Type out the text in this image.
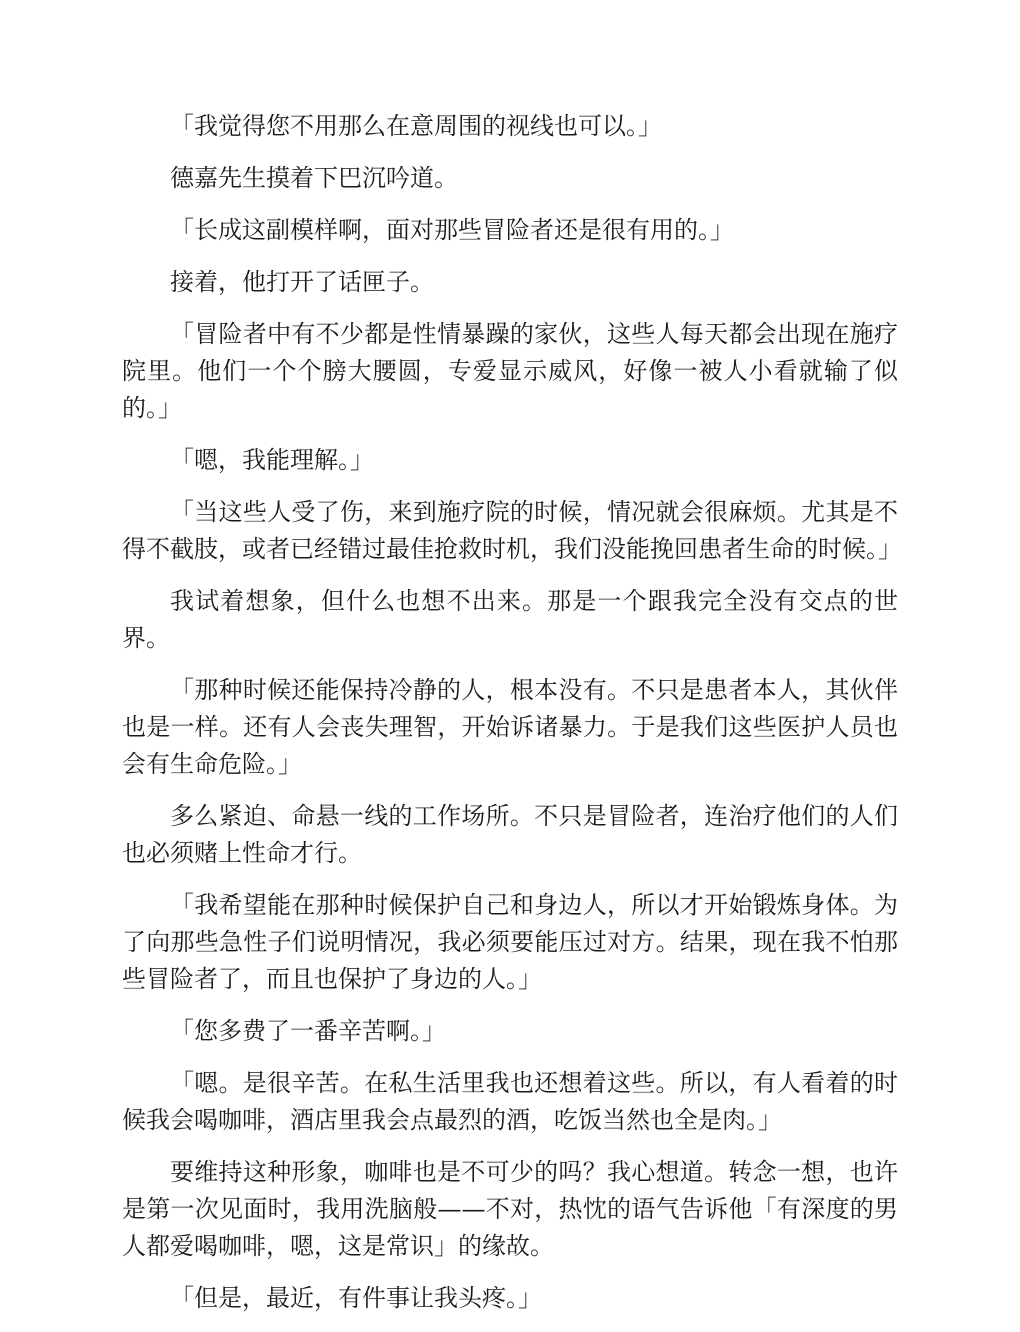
「我觉得您不用那么在意周围的视线也可以。」

德嘉先生摸着下巴沉吟道。

「长成这副模样啊，面对那些冒险者还是很有用的。」

接着，他打开了话匣子。

「冒险者中有不少都是性情暴躁的家伙，这些人每天都会出现在施疗院里。他们一个个膀大腰圆，专爱显示威风，好像一被人小看就输了似的。」

「嗯，我能理解。」

「当这些人受了伤，来到施疗院的时候，情况就会很麻烦。尤其是不得不截肢，或者已经错过最佳抢救时机，我们没能挽回患者生命的时候。」

我试着想象，但什么也想不出来。那是一个跟我完全没有交点的世界。

「那种时候还能保持冷静的人，根本没有。不只是患者本人，其伙伴也是一样。还有人会丧失理智，开始诉诸暴力。于是我们这些医护人员也会有生命危险。」

多么紧迫、命悬一线的工作场所。不只是冒险者，连治疗他们的人们也必须赌上性命才行。

「我希望能在那种时候保护自己和身边人，所以才开始锻炼身体。为了向那些急性子们说明情况，我必须要能压过对方。结果，现在我不怕那些冒险者了，而且也保护了身边的人。」

「您多费了一番辛苦啊。」

「嗯。是很辛苦。在私生活里我也还想着这些。所以，有人看着的时候我会喝咖啡，酒店里我会点最烈的酒，吃饭当然也全是肉。」

要维持这种形象，咖啡也是不可少的吗？我心想道。转念一想，也许是第一次见面时，我用洗脑般——不对，热忱的语气告诉他「有深度的男人都爱喝咖啡，嗯，这是常识」的缘故。

「但是，最近，有件事让我头疼。」
